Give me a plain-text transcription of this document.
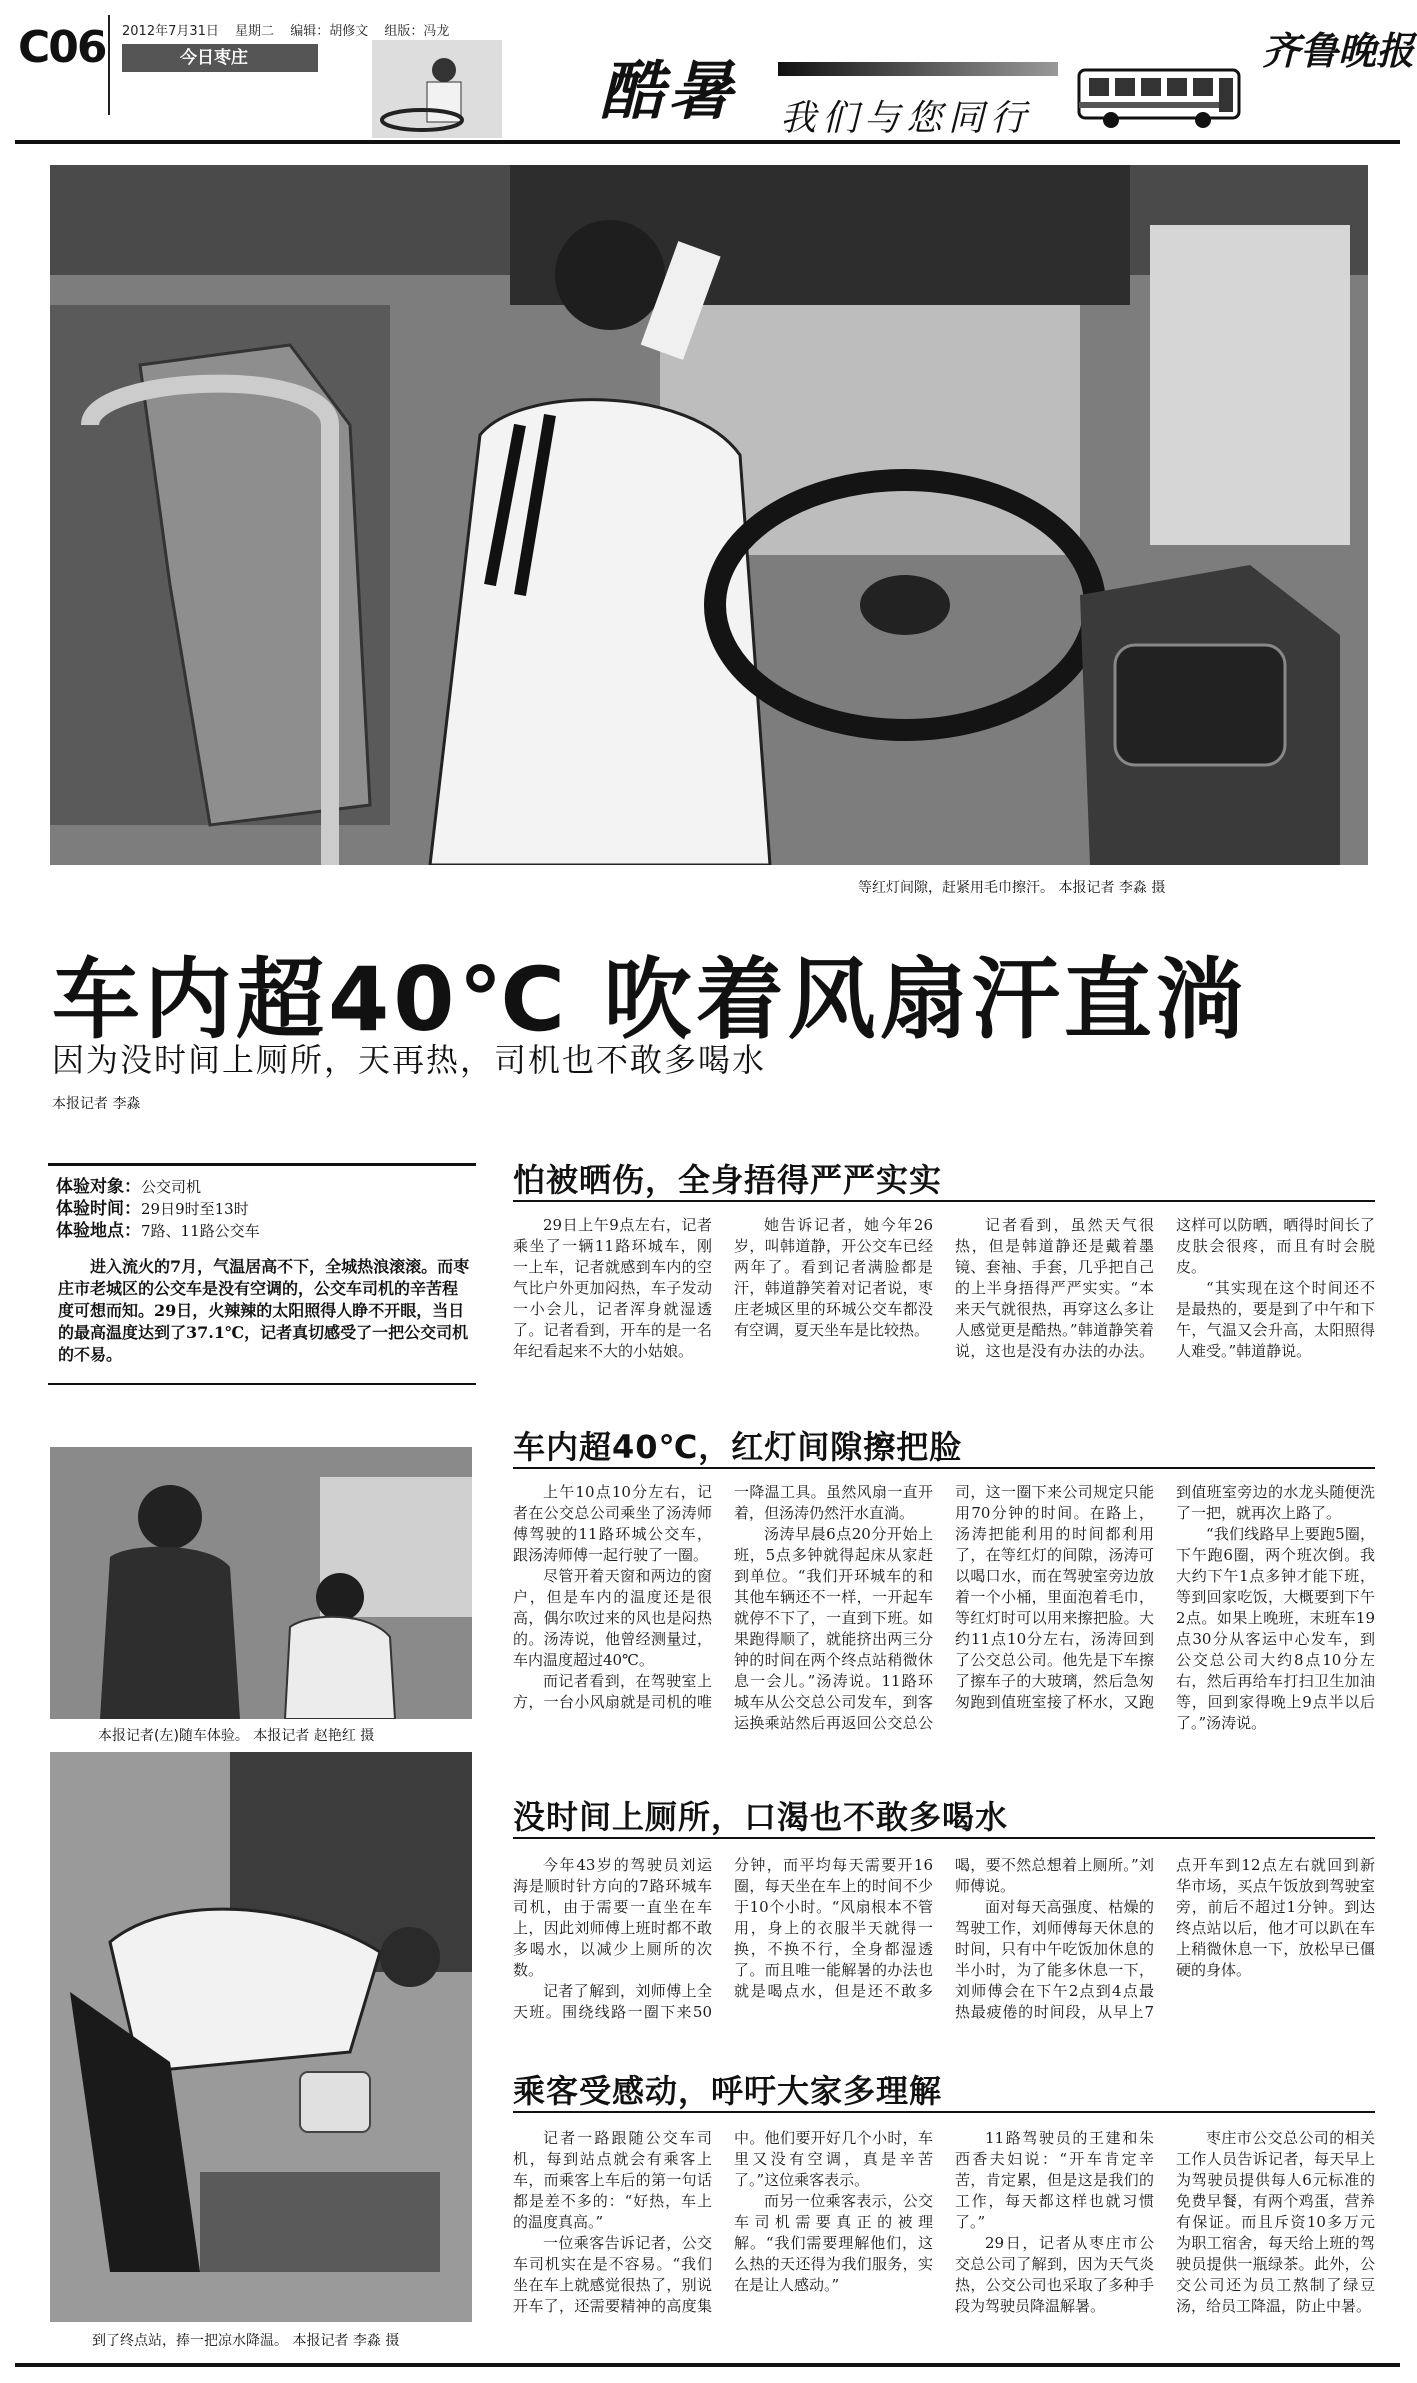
C06 2012年7月31日 星期二 编辑：胡修文 组版：冯龙
今日枣庄	酷暑 我们与您同行
齐鲁晚报
等红灯间隙，赶紧用毛巾擦汗。 本报记者 李淼 摄
车内超40℃ 吹着风扇汗直淌
因为没时间上厕所，天再热，司机也不敢多喝水
本报记者 李淼
体验对象：公交司机
体验时间：29日9时至13时
体验地点：7路、11路公交车
进入流火的7月，气温居高不下，全城热浪滚滚。而枣庄市老城区的公交车是没有空调的，公交车司机的辛苦程度可想而知。29日，火辣辣的太阳照得人睁不开眼，当日的最高温度达到了37.1℃，记者真切感受了一把公交司机的不易。
本报记者(左)随车体验。 本报记者 赵艳红 摄
到了终点站，捧一把凉水降温。 本报记者 李淼 摄
怕被晒伤，全身捂得严严实实

29日上午9点左右，记者乘坐了一辆11路环城车，刚一上车，记者就感到车内的空气比户外更加闷热，车子发动一小会儿，记者浑身就湿透了。记者看到，开车的是一名年纪看起来不大的小姑娘。

她告诉记者，她今年26岁，叫韩道静，开公交车已经两年了。看到记者满脸都是汗，韩道静笑着对记者说，枣庄老城区里的环城公交车都没有空调，夏天坐车是比较热。

记者看到，虽然天气很热，但是韩道静还是戴着墨镜、套袖、手套，几乎把自己的上半身捂得严严实实。“本来天气就很热，再穿这么多让人感觉更是酷热。”韩道静笑着说，这也是没有办法的办法。这样可以防晒，晒得时间长了皮肤会很疼，而且有时会脱皮。

“其实现在这个时间还不是最热的，要是到了中午和下午，气温又会升高，太阳照得人难受。”韩道静说。

车内超40℃，红灯间隙擦把脸

上午10点10分左右，记者在公交总公司乘坐了汤涛师傅驾驶的11路环城公交车，跟汤涛师傅一起行驶了一圈。

尽管开着天窗和两边的窗户，但是车内的温度还是很高，偶尔吹过来的风也是闷热的。汤涛说，他曾经测量过，车内温度超过40℃。

而记者看到，在驾驶室上方，一台小风扇就是司机的唯一降温工具。虽然风扇一直开着，但汤涛仍然汗水直淌。

汤涛早晨6点20分开始上班，5点多钟就得起床从家赶到单位。“我们开环城车的和其他车辆还不一样，一开起车就停不下了，一直到下班。如果跑得顺了，就能挤出两三分钟的时间在两个终点站稍微休息一会儿。”汤涛说。11路环城车从公交总公司发车，到客运换乘站然后再返回公交总公司，这一圈下来公司规定只能用70分钟的时间。在路上，汤涛把能利用的时间都利用了，在等红灯的间隙，汤涛可以喝口水，而在驾驶室旁边放着一个小桶，里面泡着毛巾，等红灯时可以用来擦把脸。大约11点10分左右，汤涛回到了公交总公司。他先是下车擦了擦车子的大玻璃，然后急匆匆跑到值班室接了杯水，又跑到值班室旁边的水龙头随便洗了一把，就再次上路了。

“我们线路早上要跑5圈，下午跑6圈，两个班次倒。我大约下午1点多钟才能下班，等到回家吃饭，大概要到下午2点。如果上晚班，末班车19点30分从客运中心发车，到公交总公司大约8点10分左右，然后再给车打扫卫生加油等，回到家得晚上9点半以后了。”汤涛说。

没时间上厕所，口渴也不敢多喝水

今年43岁的驾驶员刘运海是顺时针方向的7路环城车司机，由于需要一直坐在车上，因此刘师傅上班时都不敢多喝水，以减少上厕所的次数。

记者了解到，刘师傅上全天班。围绕线路一圈下来50分钟，而平均每天需要开16圈，每天坐在车上的时间不少于10个小时。“风扇根本不管用，身上的衣服半天就得一换，不换不行，全身都湿透了。而且唯一能解暑的办法也就是喝点水，但是还不敢多喝，要不然总想着上厕所。”刘师傅说。

面对每天高强度、枯燥的驾驶工作，刘师傅每天休息的时间，只有中午吃饭加休息的半小时，为了能多休息一下，刘师傅会在下午2点到4点最热最疲倦的时间段，从早上7点开车到12点左右就回到新华市场，买点午饭放到驾驶室旁，前后不超过1分钟。到达终点站以后，他才可以趴在车上稍微休息一下，放松早已僵硬的身体。

乘客受感动，呼吁大家多理解

记者一路跟随公交车司机，每到站点就会有乘客上车，而乘客上车后的第一句话都是差不多的：“好热，车上的温度真高。”

一位乘客告诉记者，公交车司机实在是不容易。“我们坐在车上就感觉很热了，别说开车了，还需要精神的高度集中。他们要开好几个小时，车里又没有空调，真是辛苦了。”这位乘客表示。

而另一位乘客表示，公交车司机需要真正的被理解。“我们需要理解他们，这么热的天还得为我们服务，实在是让人感动。”

11路驾驶员的王建和朱西香夫妇说：“开车肯定辛苦，肯定累，但是这是我们的工作，每天都这样也就习惯了。”

29日，记者从枣庄市公交总公司了解到，因为天气炎热，公交公司也采取了多种手段为驾驶员降温解暑。

枣庄市公交总公司的相关工作人员告诉记者，每天早上为驾驶员提供每人6元标准的免费早餐，有两个鸡蛋，营养有保证。而且斥资10多万元为职工宿舍，每天给上班的驾驶员提供一瓶绿茶。此外，公交公司还为员工熬制了绿豆汤，给员工降温，防止中暑。
